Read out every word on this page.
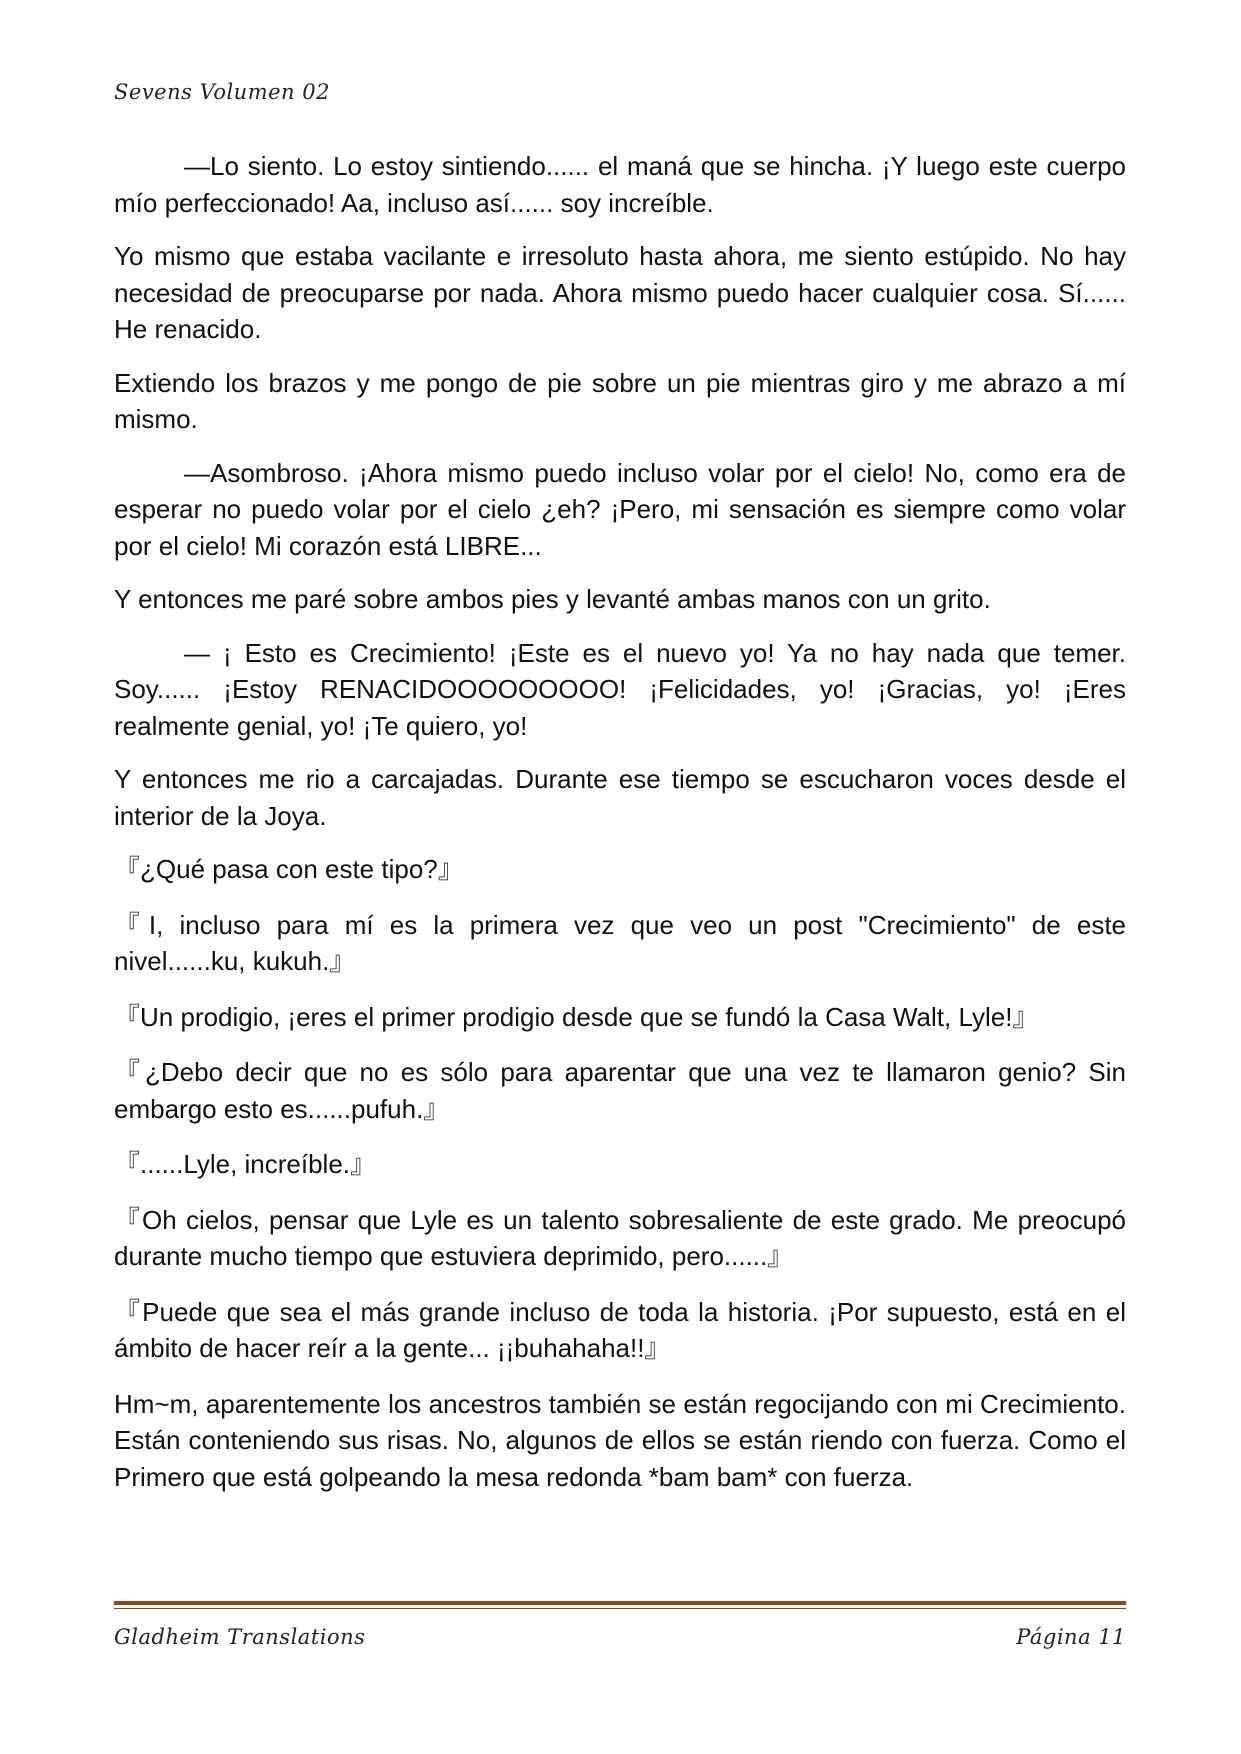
Sevens Volumen 02

—Lo siento. Lo estoy sintiendo...... el maná que se hincha. ¡Y luego este cuerpo mío perfeccionado! Aa, incluso así...... soy increíble.

Yo mismo que estaba vacilante e irresoluto hasta ahora, me siento estúpido. No hay necesidad de preocuparse por nada. Ahora mismo puedo hacer cualquier cosa. Sí...... He renacido.

Extiendo los brazos y me pongo de pie sobre un pie mientras giro y me abrazo a mí mismo.

—Asombroso. ¡Ahora mismo puedo incluso volar por el cielo! No, como era de esperar no puedo volar por el cielo ¿eh? ¡Pero, mi sensación es siempre como volar por el cielo! Mi corazón está LIBRE...

Y entonces me paré sobre ambos pies y levanté ambas manos con un grito.

— ¡ Esto es Crecimiento! ¡Este es el nuevo yo! Ya no hay nada que temer. Soy...... ¡Estoy RENACIDOOOOOOOOO! ¡Felicidades, yo! ¡Gracias, yo! ¡Eres realmente genial, yo! ¡Te quiero, yo!

Y entonces me rio a carcajadas. Durante ese tiempo se escucharon voces desde el interior de la Joya.

『¿Qué pasa con este tipo?』

『I, incluso para mí es la primera vez que veo un post "Crecimiento" de este nivel......ku, kukuh.』

『Un prodigio, ¡eres el primer prodigio desde que se fundó la Casa Walt, Lyle!』

『¿Debo decir que no es sólo para aparentar que una vez te llamaron genio? Sin embargo esto es......pufuh.』

『......Lyle, increíble.』

『Oh cielos, pensar que Lyle es un talento sobresaliente de este grado. Me preocupó durante mucho tiempo que estuviera deprimido, pero......』

『Puede que sea el más grande incluso de toda la historia. ¡Por supuesto, está en el ámbito de hacer reír a la gente... ¡¡buhahaha!!』

Hm~m, aparentemente los ancestros también se están regocijando con mi Crecimiento. Están conteniendo sus risas. No, algunos de ellos se están riendo con fuerza. Como el Primero que está golpeando la mesa redonda *bam bam* con fuerza.

Gladheim Translations	Página 11
